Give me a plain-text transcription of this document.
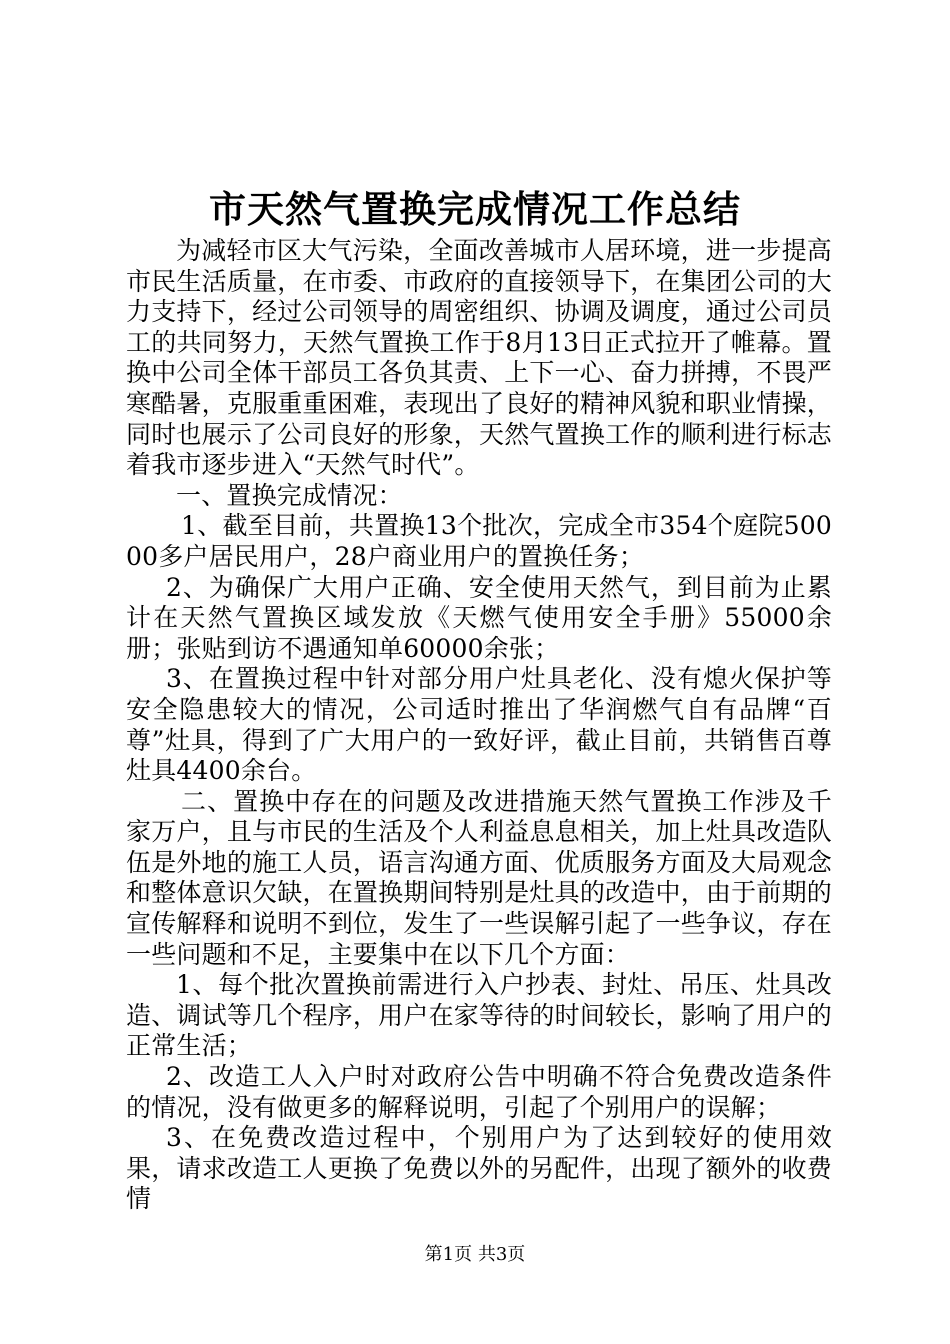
市天然气置换完成情况工作总结

为减轻市区大气污染，全面改善城市人居环境，进一步提高市民生活质量，在市委、市政府的直接领导下，在集团公司的大力支持下，经过公司领导的周密组织、协调及调度，通过公司员工的共同努力，天然气置换工作于8月13日正式拉开了帷幕。置换中公司全体干部员工各负其责、上下一心、奋力拼搏，不畏严寒酷暑，克服重重困难，表现出了良好的精神风貌和职业情操，同时也展示了公司良好的形象，天然气置换工作的顺利进行标志着我市逐步进入“天然气时代”。

一、置换完成情况：

1、截至目前，共置换13个批次，完成全市354个庭院50000多户居民用户，28户商业用户的置换任务；

2、为确保广大用户正确、安全使用天然气，到目前为止累计在天然气置换区域发放《天燃气使用安全手册》55000余册；张贴到访不遇通知单60000余张；

3、在置换过程中针对部分用户灶具老化、没有熄火保护等安全隐患较大的情况，公司适时推出了华润燃气自有品牌“百尊”灶具，得到了广大用户的一致好评，截止目前，共销售百尊灶具4400余台。

二、置换中存在的问题及改进措施天然气置换工作涉及千家万户，且与市民的生活及个人利益息息相关，加上灶具改造队伍是外地的施工人员，语言沟通方面、优质服务方面及大局观念和整体意识欠缺，在置换期间特别是灶具的改造中，由于前期的宣传解释和说明不到位，发生了一些误解引起了一些争议，存在一些问题和不足，主要集中在以下几个方面：

1、每个批次置换前需进行入户抄表、封灶、吊压、灶具改造、调试等几个程序，用户在家等待的时间较长，影响了用户的正常生活；

2、改造工人入户时对政府公告中明确不符合免费改造条件的情况，没有做更多的解释说明，引起了个别用户的误解；

3、在免费改造过程中，个别用户为了达到较好的使用效果，请求改造工人更换了免费以外的另配件，出现了额外的收费情

第1页 共3页
